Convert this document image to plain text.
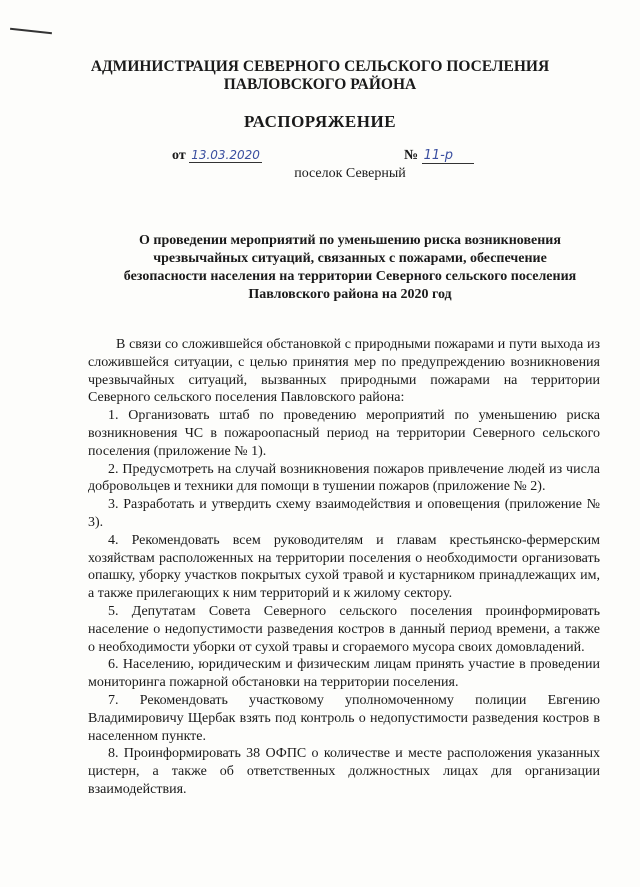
АДМИНИСТРАЦИЯ СЕВЕРНОГО СЕЛЬСКОГО ПОСЕЛЕНИЯ
ПАВЛОВСКОГО РАЙОНА
РАСПОРЯЖЕНИЕ
от 13.03.2020	№ 11-р
поселок Северный
О проведении мероприятий по уменьшению риска возникновения
чрезвычайных ситуаций, связанных с пожарами, обеспечение
безопасности населения на территории Северного сельского поселения
Павловского района на 2020 год

В связи со сложившейся обстановкой с природными пожарами и пути выхода из сложившейся ситуации, с целью принятия мер по предупреждению возникновения чрезвычайных ситуаций, вызванных природными пожарами на территории Северного сельского поселения Павловского района:

1. Организовать штаб по проведению мероприятий по уменьшению риска возникновения ЧС в пожароопасный период на территории Северного сельского поселения (приложение № 1).

2. Предусмотреть на случай возникновения пожаров привлечение людей из числа добровольцев и техники для помощи в тушении пожаров (приложение № 2).

3. Разработать и утвердить схему взаимодействия и оповещения (приложение № 3).

4. Рекомендовать всем руководителям и главам крестьянско-фермерским хозяйствам расположенных на территории поселения о необходимости организовать опашку, уборку участков покрытых сухой травой и кустарником принадлежащих им, а также прилегающих к ним территорий и к жилому сектору.

5. Депутатам Совета Северного сельского поселения проинформировать население о недопустимости разведения костров в данный период времени, а также о необходимости уборки от сухой травы и сгораемого мусора своих домовладений.

6. Населению, юридическим и физическим лицам принять участие в проведении мониторинга пожарной обстановки на территории поселения.

7. Рекомендовать участковому уполномоченному полиции Евгению Владимировичу Щербак взять под контроль о недопустимости разведения костров в населенном пункте.

8. Проинформировать 38 ОФПС о количестве и месте расположения указанных цистерн, а также об ответственных должностных лицах для организации взаимодействия.
